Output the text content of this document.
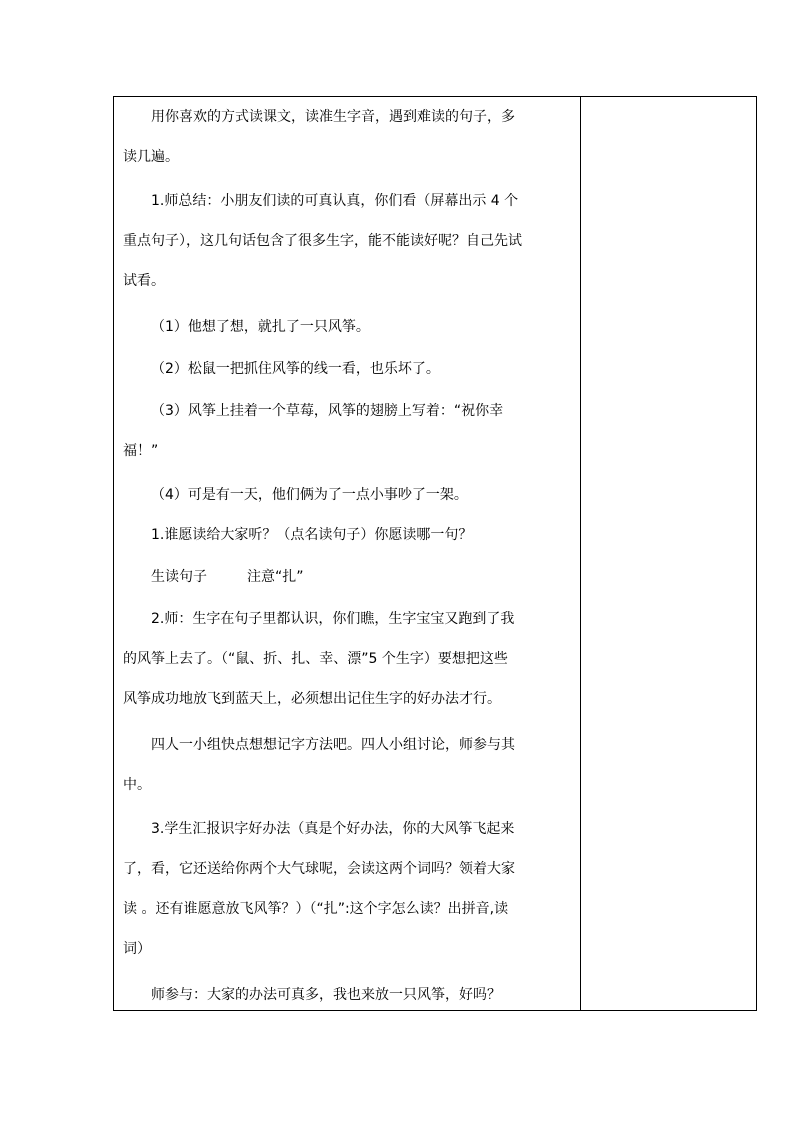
用你喜欢的方式读课文，读准生字音，遇到难读的句子，多
读几遍。
1.师总结：小朋友们读的可真认真，你们看（屏幕出示 4 个
重点句子），这几句话包含了很多生字，能不能读好呢？自己先试
试看。
（1）他想了想，就扎了一只风筝。
（2）松鼠一把抓住风筝的线一看，也乐坏了。
（3）风筝上挂着一个草莓，风筝的翅膀上写着：“祝你幸
福！”
（4）可是有一天，他们俩为了一点小事吵了一架。
1.谁愿读给大家听？（点名读句子）你愿读哪一句？
生读句子         注意“扎”
2.师：生字在句子里都认识，你们瞧，生字宝宝又跑到了我
的风筝上去了。（“鼠、折、扎、幸、漂”5 个生字）要想把这些
风筝成功地放飞到蓝天上，必须想出记住生字的好办法才行。
四人一小组快点想想记字方法吧。四人小组讨论，师参与其
中。
3.学生汇报识字好办法（真是个好办法，你的大风筝飞起来
了，看，它还送给你两个大气球呢，会读这两个词吗？领着大家
读 。还有谁愿意放飞风筝？）（“扎”:这个字怎么读？出拼音,读
词）
师参与：大家的办法可真多，我也来放一只风筝，好吗？
